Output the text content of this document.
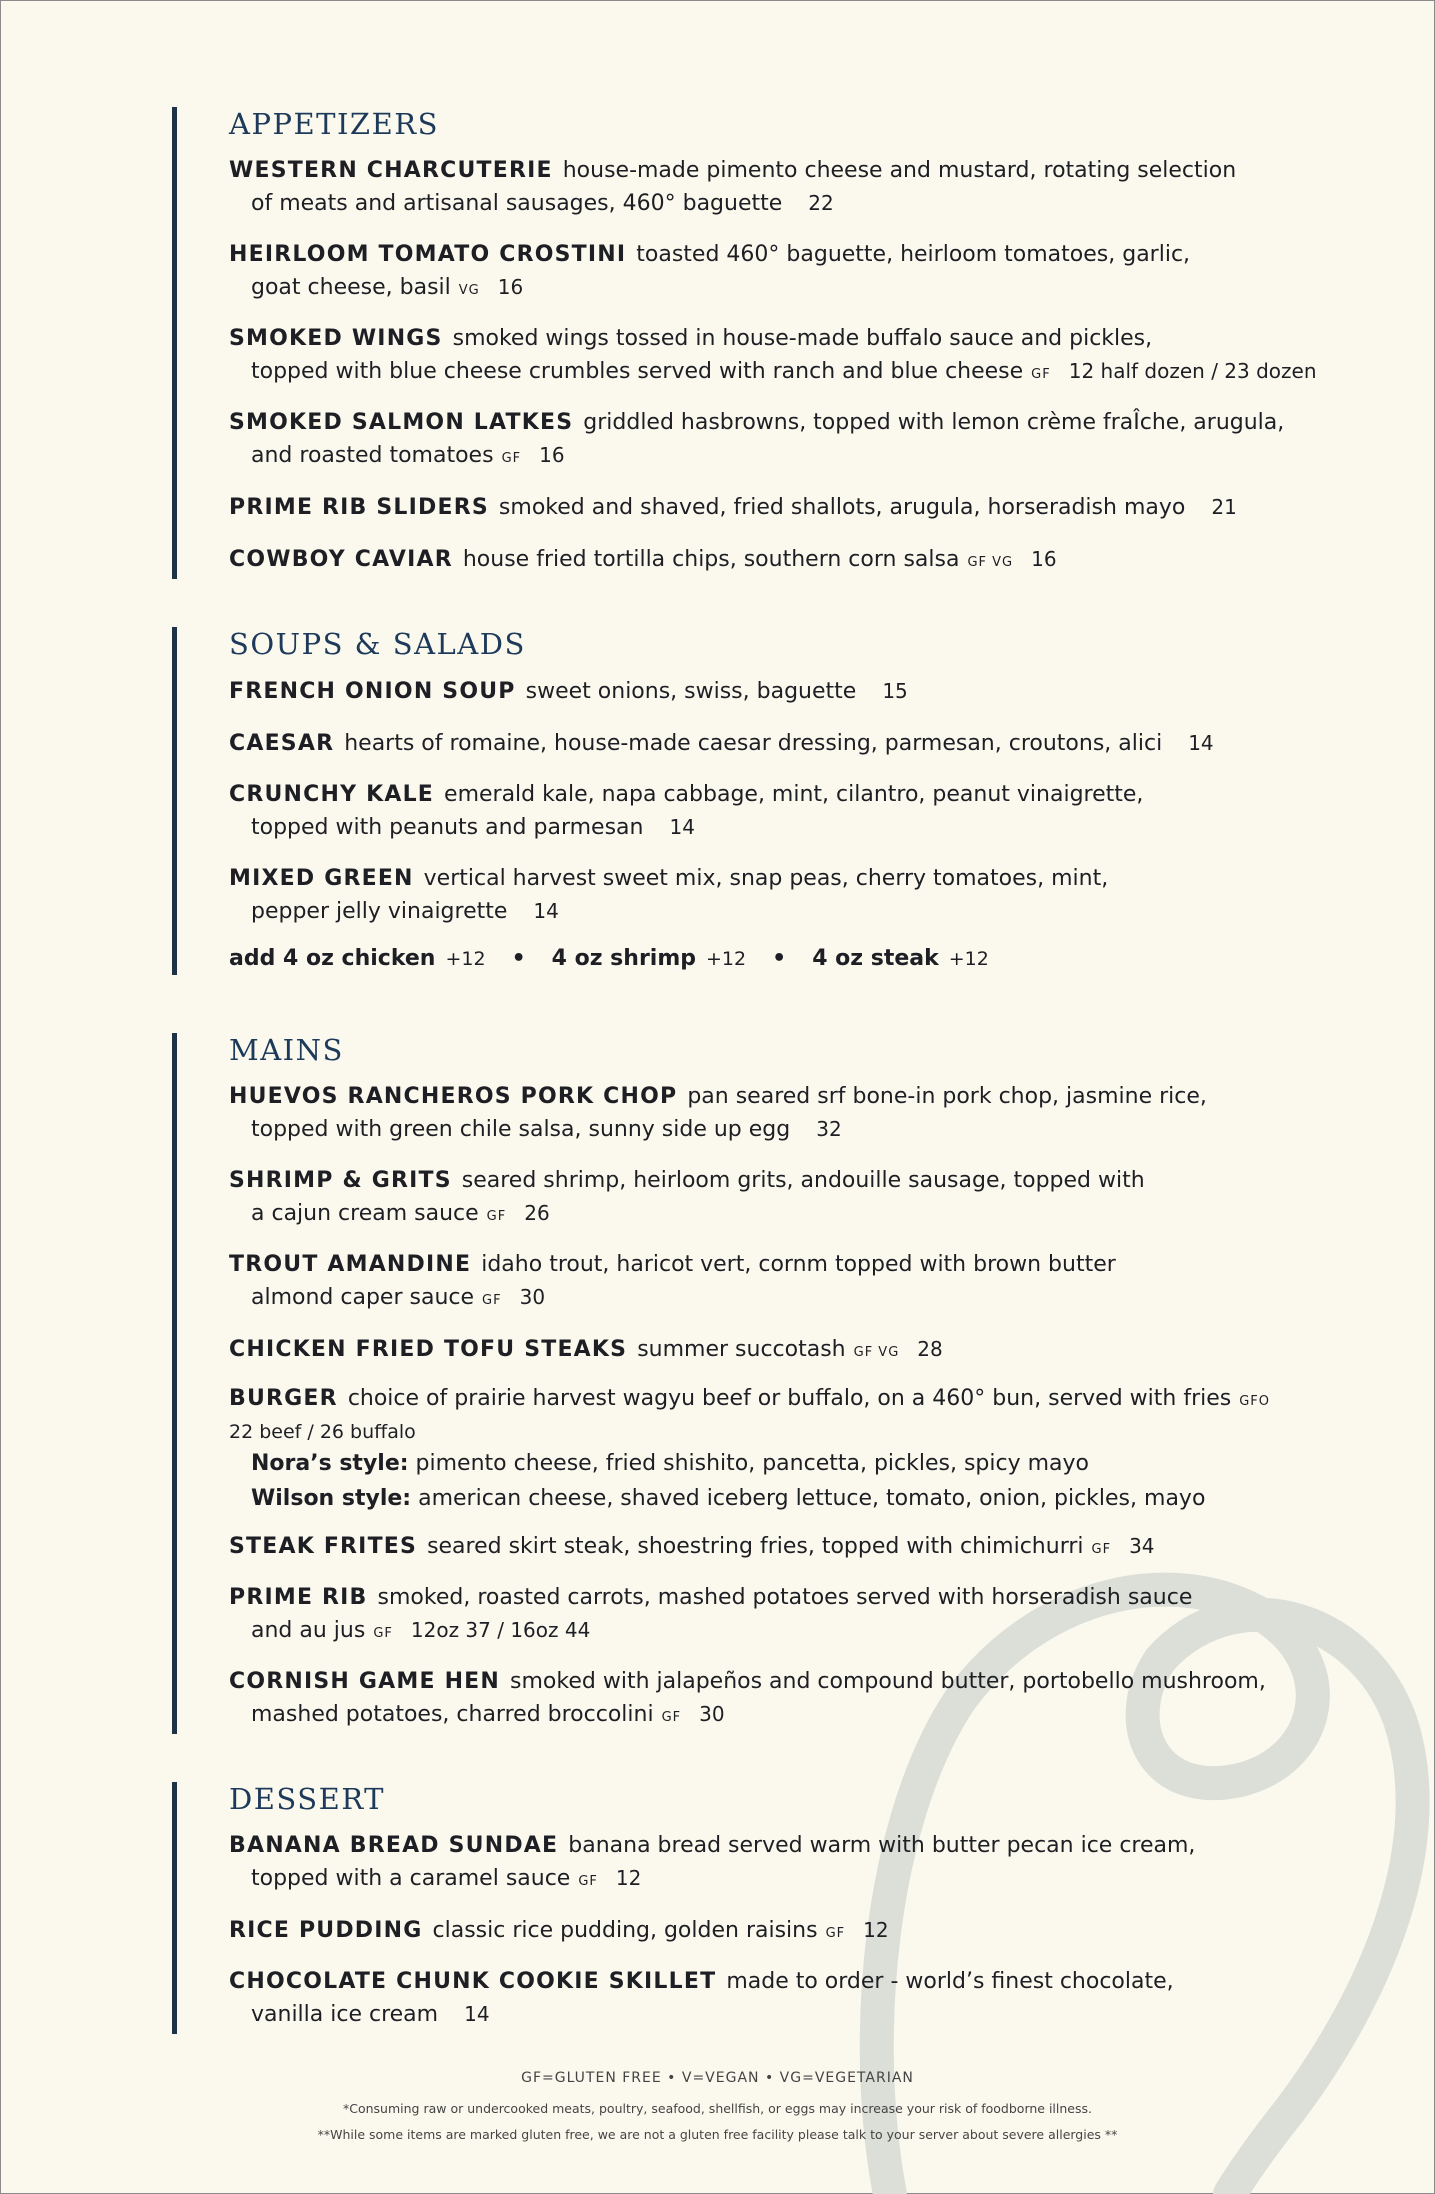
APPETIZERS
WESTERN CHARCUTERIE house-made pimento cheese and mustard, rotating selection
of meats and artisanal sausages, 460° baguette 22
HEIRLOOM TOMATO CROSTINI toasted 460° baguette, heirloom tomatoes, garlic,
goat cheese, basil VG 16
SMOKED WINGS smoked wings tossed in house-made buffalo sauce and pickles,
topped with blue cheese crumbles served with ranch and blue cheese GF 12 half dozen / 23 dozen
SMOKED SALMON LATKES griddled hasbrowns, topped with lemon crème fraÎche, arugula,
and roasted tomatoes GF 16
PRIME RIB SLIDERS smoked and shaved, fried shallots, arugula, horseradish mayo 21
COWBOY CAVIAR house fried tortilla chips, southern corn salsa GF VG 16
SOUPS & SALADS
FRENCH ONION SOUP sweet onions, swiss, baguette 15
CAESAR hearts of romaine, house-made caesar dressing, parmesan, croutons, alici 14
CRUNCHY KALE emerald kale, napa cabbage, mint, cilantro, peanut vinaigrette,
topped with peanuts and parmesan 14
MIXED GREEN vertical harvest sweet mix, snap peas, cherry tomatoes, mint,
pepper jelly vinaigrette 14
add 4 oz chicken +12 • 4 oz shrimp +12 • 4 oz steak +12
MAINS
HUEVOS RANCHEROS PORK CHOP pan seared srf bone-in pork chop, jasmine rice,
topped with green chile salsa, sunny side up egg 32
SHRIMP & GRITS seared shrimp, heirloom grits, andouille sausage, topped with
a cajun cream sauce GF 26
TROUT AMANDINE idaho trout, haricot vert, cornm topped with brown butter
almond caper sauce GF 30
CHICKEN FRIED TOFU STEAKS summer succotash GF VG 28
BURGER choice of prairie harvest wagyu beef or buffalo, on a 460° bun, served with fries GFO
22 beef / 26 buffalo
Nora’s style: pimento cheese, fried shishito, pancetta, pickles, spicy mayo
Wilson style: american cheese, shaved iceberg lettuce, tomato, onion, pickles, mayo
STEAK FRITES seared skirt steak, shoestring fries, topped with chimichurri GF 34
PRIME RIB smoked, roasted carrots, mashed potatoes served with horseradish sauce
and au jus GF 12oz 37 / 16oz 44
CORNISH GAME HEN smoked with jalapeños and compound butter, portobello mushroom,
mashed potatoes, charred broccolini GF 30
DESSERT
BANANA BREAD SUNDAE banana bread served warm with butter pecan ice cream,
topped with a caramel sauce GF 12
RICE PUDDING classic rice pudding, golden raisins GF 12
CHOCOLATE CHUNK COOKIE SKILLET made to order - world’s finest chocolate,
vanilla ice cream 14
GF=GLUTEN FREE • V=VEGAN • VG=VEGETARIAN
*Consuming raw or undercooked meats, poultry, seafood, shellfish, or eggs may increase your risk of foodborne illness.
**While some items are marked gluten free, we are not a gluten free facility please talk to your server about severe allergies **
